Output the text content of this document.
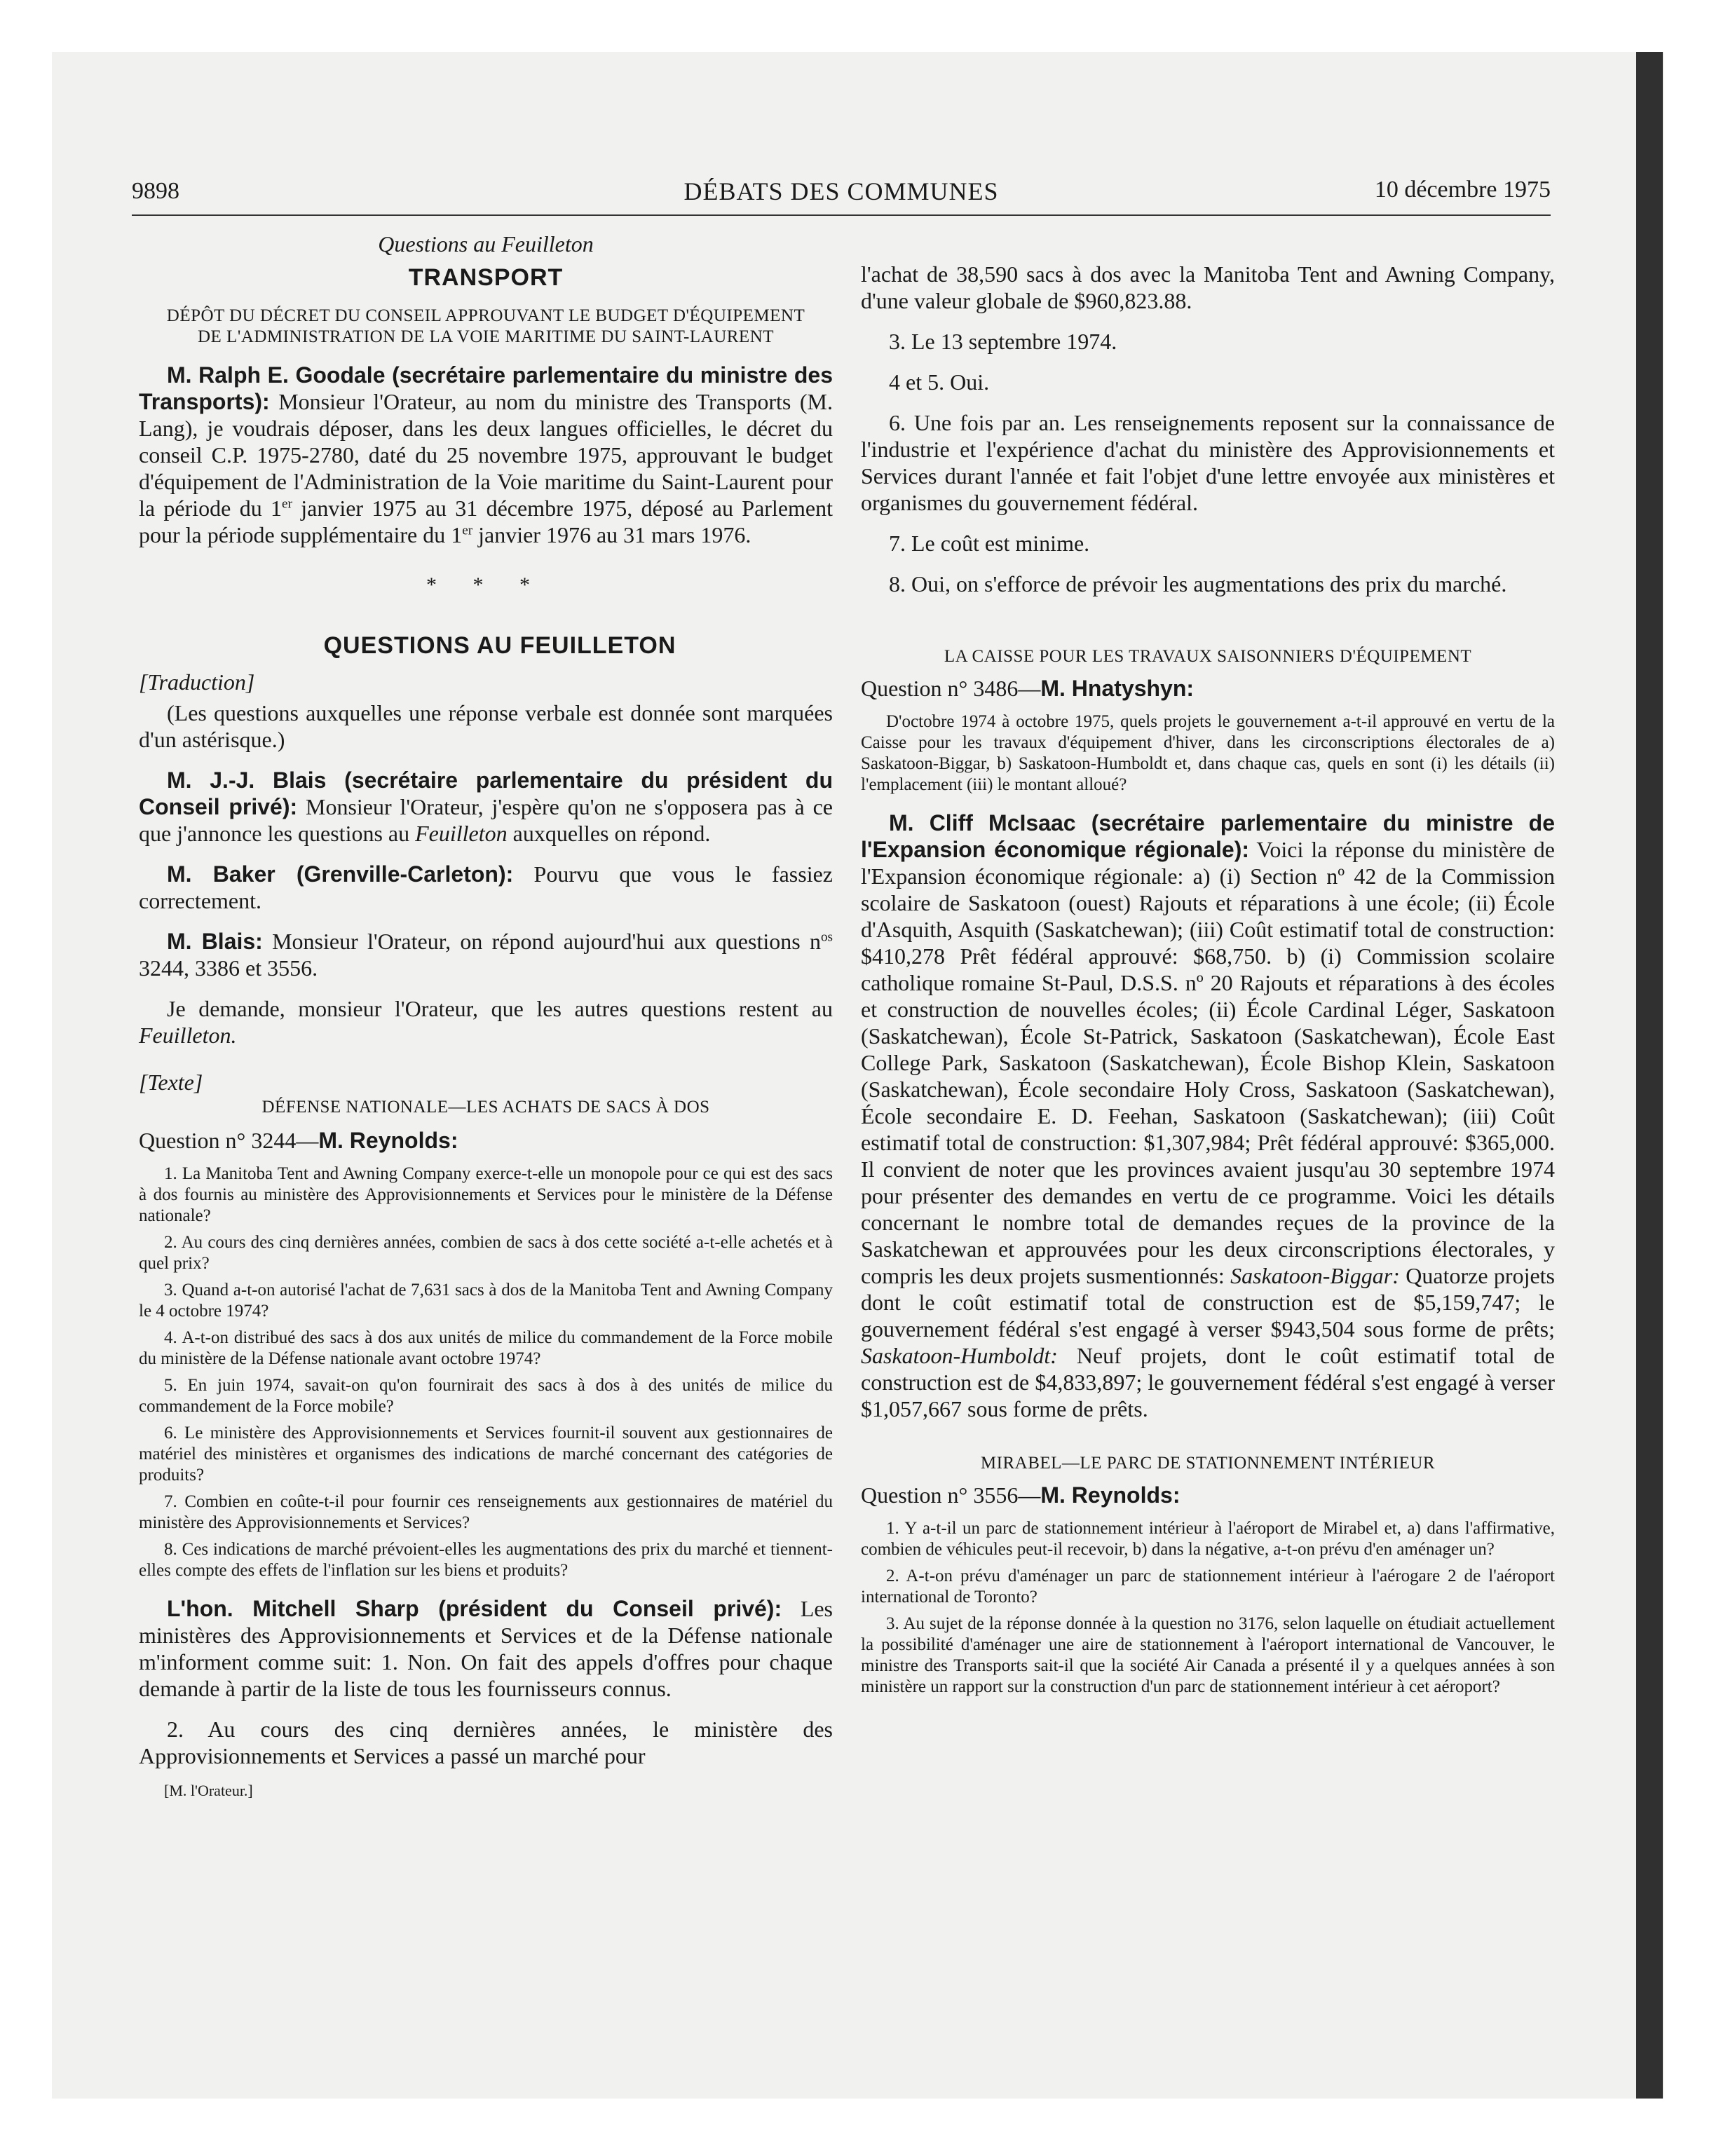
9898	DÉBATS DES COMMUNES	10 décembre 1975

Questions au Feuilleton

TRANSPORT

DÉPÔT DU DÉCRET DU CONSEIL APPROUVANT LE BUDGET D'ÉQUIPEMENT DE L'ADMINISTRATION DE LA VOIE MARITIME DU SAINT-LAURENT

M. Ralph E. Goodale (secrétaire parlementaire du ministre des Transports): Monsieur l'Orateur, au nom du ministre des Transports (M. Lang), je voudrais déposer, dans les deux langues officielles, le décret du conseil C.P. 1975-2780, daté du 25 novembre 1975, approuvant le budget d'équipement de l'Administration de la Voie maritime du Saint-Laurent pour la période du 1er janvier 1975 au 31 décembre 1975, déposé au Parlement pour la période supplémentaire du 1er janvier 1976 au 31 mars 1976.

* * *

QUESTIONS AU FEUILLETON

[Traduction]

(Les questions auxquelles une réponse verbale est donnée sont marquées d'un astérisque.)

M. J.-J. Blais (secrétaire parlementaire du président du Conseil privé): Monsieur l'Orateur, j'espère qu'on ne s'opposera pas à ce que j'annonce les questions au Feuilleton auxquelles on répond.

M. Baker (Grenville-Carleton): Pourvu que vous le fassiez correctement.

M. Blais: Monsieur l'Orateur, on répond aujourd'hui aux questions $n^{os}$ 3244, 3386 et 3556.

Je demande, monsieur l'Orateur, que les autres questions restent au Feuilleton.

[Texte]

DÉFENSE NATIONALE—LES ACHATS DE SACS À DOS

Question n° 3244—M. Reynolds:

1. La Manitoba Tent and Awning Company exerce-t-elle un monopole pour ce qui est des sacs à dos fournis au ministère des Approvisionnements et Services pour le ministère de la Défense nationale?

2. Au cours des cinq dernières années, combien de sacs à dos cette société a-t-elle achetés et à quel prix?

3. Quand a-t-on autorisé l'achat de 7,631 sacs à dos de la Manitoba Tent and Awning Company le 4 octobre 1974?

4. A-t-on distribué des sacs à dos aux unités de milice du commandement de la Force mobile du ministère de la Défense nationale avant octobre 1974?

5. En juin 1974, savait-on qu'on fournirait des sacs à dos à des unités de milice du commandement de la Force mobile?

6. Le ministère des Approvisionnements et Services fournit-il souvent aux gestionnaires de matériel des ministères et organismes des indications de marché concernant des catégories de produits?

7. Combien en coûte-t-il pour fournir ces renseignements aux gestionnaires de matériel du ministère des Approvisionnements et Services?

8. Ces indications de marché prévoient-elles les augmentations des prix du marché et tiennent-elles compte des effets de l'inflation sur les biens et produits?

L'hon. Mitchell Sharp (président du Conseil privé): Les ministères des Approvisionnements et Services et de la Défense nationale m'informent comme suit: 1. Non. On fait des appels d'offres pour chaque demande à partir de la liste de tous les fournisseurs connus.

2. Au cours des cinq dernières années, le ministère des Approvisionnements et Services a passé un marché pour

[M. l'Orateur.]

l'achat de 38,590 sacs à dos avec la Manitoba Tent and Awning Company, d'une valeur globale de $960,823.88.

3. Le 13 septembre 1974.

4 et 5. Oui.

6. Une fois par an. Les renseignements reposent sur la connaissance de l'industrie et l'expérience d'achat du ministère des Approvisionnements et Services durant l'année et fait l'objet d'une lettre envoyée aux ministères et organismes du gouvernement fédéral.

7. Le coût est minime.

8. Oui, on s'efforce de prévoir les augmentations des prix du marché.

LA CAISSE POUR LES TRAVAUX SAISONNIERS D'ÉQUIPEMENT

Question n° 3486—M. Hnatyshyn:

D'octobre 1974 à octobre 1975, quels projets le gouvernement a-t-il approuvé en vertu de la Caisse pour les travaux d'équipement d'hiver, dans les circonscriptions électorales de a) Saskatoon-Biggar, b) Saskatoon-Humboldt et, dans chaque cas, quels en sont (i) les détails (ii) l'emplacement (iii) le montant alloué?

M. Cliff McIsaac (secrétaire parlementaire du ministre de l'Expansion économique régionale): Voici la réponse du ministère de l'Expansion économique régionale: a) (i) Section nº 42 de la Commission scolaire de Saskatoon (ouest) Rajouts et réparations à une école; (ii) École d'Asquith, Asquith (Saskatchewan); (iii) Coût estimatif total de construction: $410,278 Prêt fédéral approuvé: $68,750. b) (i) Commission scolaire catholique romaine St-Paul, D.S.S. nº 20 Rajouts et réparations à des écoles et construction de nouvelles écoles; (ii) École Cardinal Léger, Saskatoon (Saskatchewan), École St-Patrick, Saskatoon (Saskatchewan), École East College Park, Saskatoon (Saskatchewan), École Bishop Klein, Saskatoon (Saskatchewan), École secondaire Holy Cross, Saskatoon (Saskatchewan), École secondaire E. D. Feehan, Saskatoon (Saskatchewan); (iii) Coût estimatif total de construction: $1,307,984; Prêt fédéral approuvé: $365,000. Il convient de noter que les provinces avaient jusqu'au 30 septembre 1974 pour présenter des demandes en vertu de ce programme. Voici les détails concernant le nombre total de demandes reçues de la province de la Saskatchewan et approuvées pour les deux circonscriptions électorales, y compris les deux projets susmentionnés: Saskatoon-Biggar: Quatorze projets dont le coût estimatif total de construction est de $5,159,747; le gouvernement fédéral s'est engagé à verser $943,504 sous forme de prêts; Saskatoon-Humboldt: Neuf projets, dont le coût estimatif total de construction est de $4,833,897; le gouvernement fédéral s'est engagé à verser $1,057,667 sous forme de prêts.

MIRABEL—LE PARC DE STATIONNEMENT INTÉRIEUR

Question n° 3556—M. Reynolds:

1. Y a-t-il un parc de stationnement intérieur à l'aéroport de Mirabel et, a) dans l'affirmative, combien de véhicules peut-il recevoir, b) dans la négative, a-t-on prévu d'en aménager un?

2. A-t-on prévu d'aménager un parc de stationnement intérieur à l'aérogare 2 de l'aéroport international de Toronto?

3. Au sujet de la réponse donnée à la question no 3176, selon laquelle on étudiait actuellement la possibilité d'aménager une aire de stationnement à l'aéroport international de Vancouver, le ministre des Transports sait-il que la société Air Canada a présenté il y a quelques années à son ministère un rapport sur la construction d'un parc de stationnement intérieur à cet aéroport?
